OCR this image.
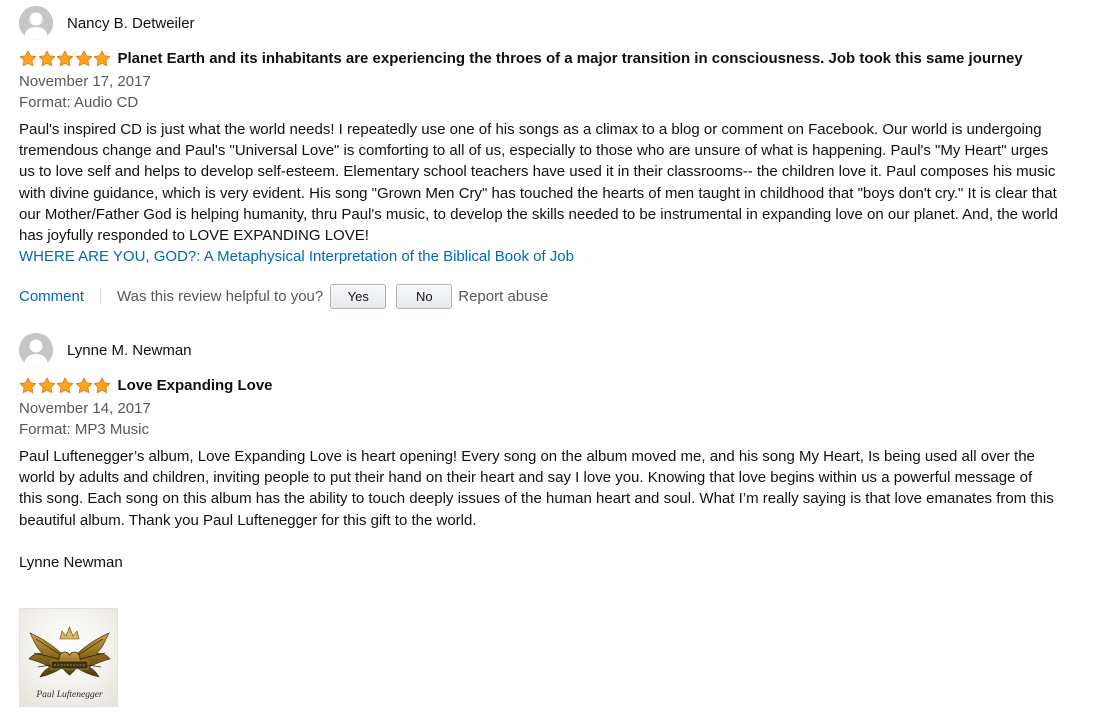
Nancy B. Detweiler
Planet Earth and its inhabitants are experiencing the throes of a major transition in consciousness. Job took this same journey
November 17, 2017
Format: Audio CD
Paul's inspired CD is just what the world needs! I repeatedly use one of his songs as a climax to a blog or comment on Facebook. Our world is undergoing tremendous change and Paul's "Universal Love" is comforting to all of us, especially to those who are unsure of what is happening. Paul's "My Heart" urges us to love self and helps to develop self-esteem. Elementary school teachers have used it in their classrooms-- the children love it. Paul composes his music with divine guidance, which is very evident. His song "Grown Men Cry" has touched the hearts of men taught in childhood that "boys don't cry." It is clear that our Mother/Father God is helping humanity, thru Paul's music, to develop the skills needed to be instrumental in expanding love on our planet. And, the world has joyfully responded to LOVE EXPANDING LOVE!
WHERE ARE YOU, GOD?: A Metaphysical Interpretation of the Biblical Book of Job
Comment Was this review helpful to you?	Yes	No	Report abuse
Lynne M. Newman
Love Expanding Love
November 14, 2017
Format: MP3 Music
Paul Luftenegger’s album, Love Expanding Love is heart opening! Every song on the album moved me, and his song My Heart, Is being used all over the world by adults and children, inviting people to put their hand on their heart and say I love you. Knowing that love begins within us a powerful message of this song. Each song on this album has the ability to touch deeply issues of the human heart and soul. What I’m really saying is that love emanates from this beautiful album. Thank you Paul Luftenegger for this gift to the world.
Lynne Newman
Paul Luftenegger
